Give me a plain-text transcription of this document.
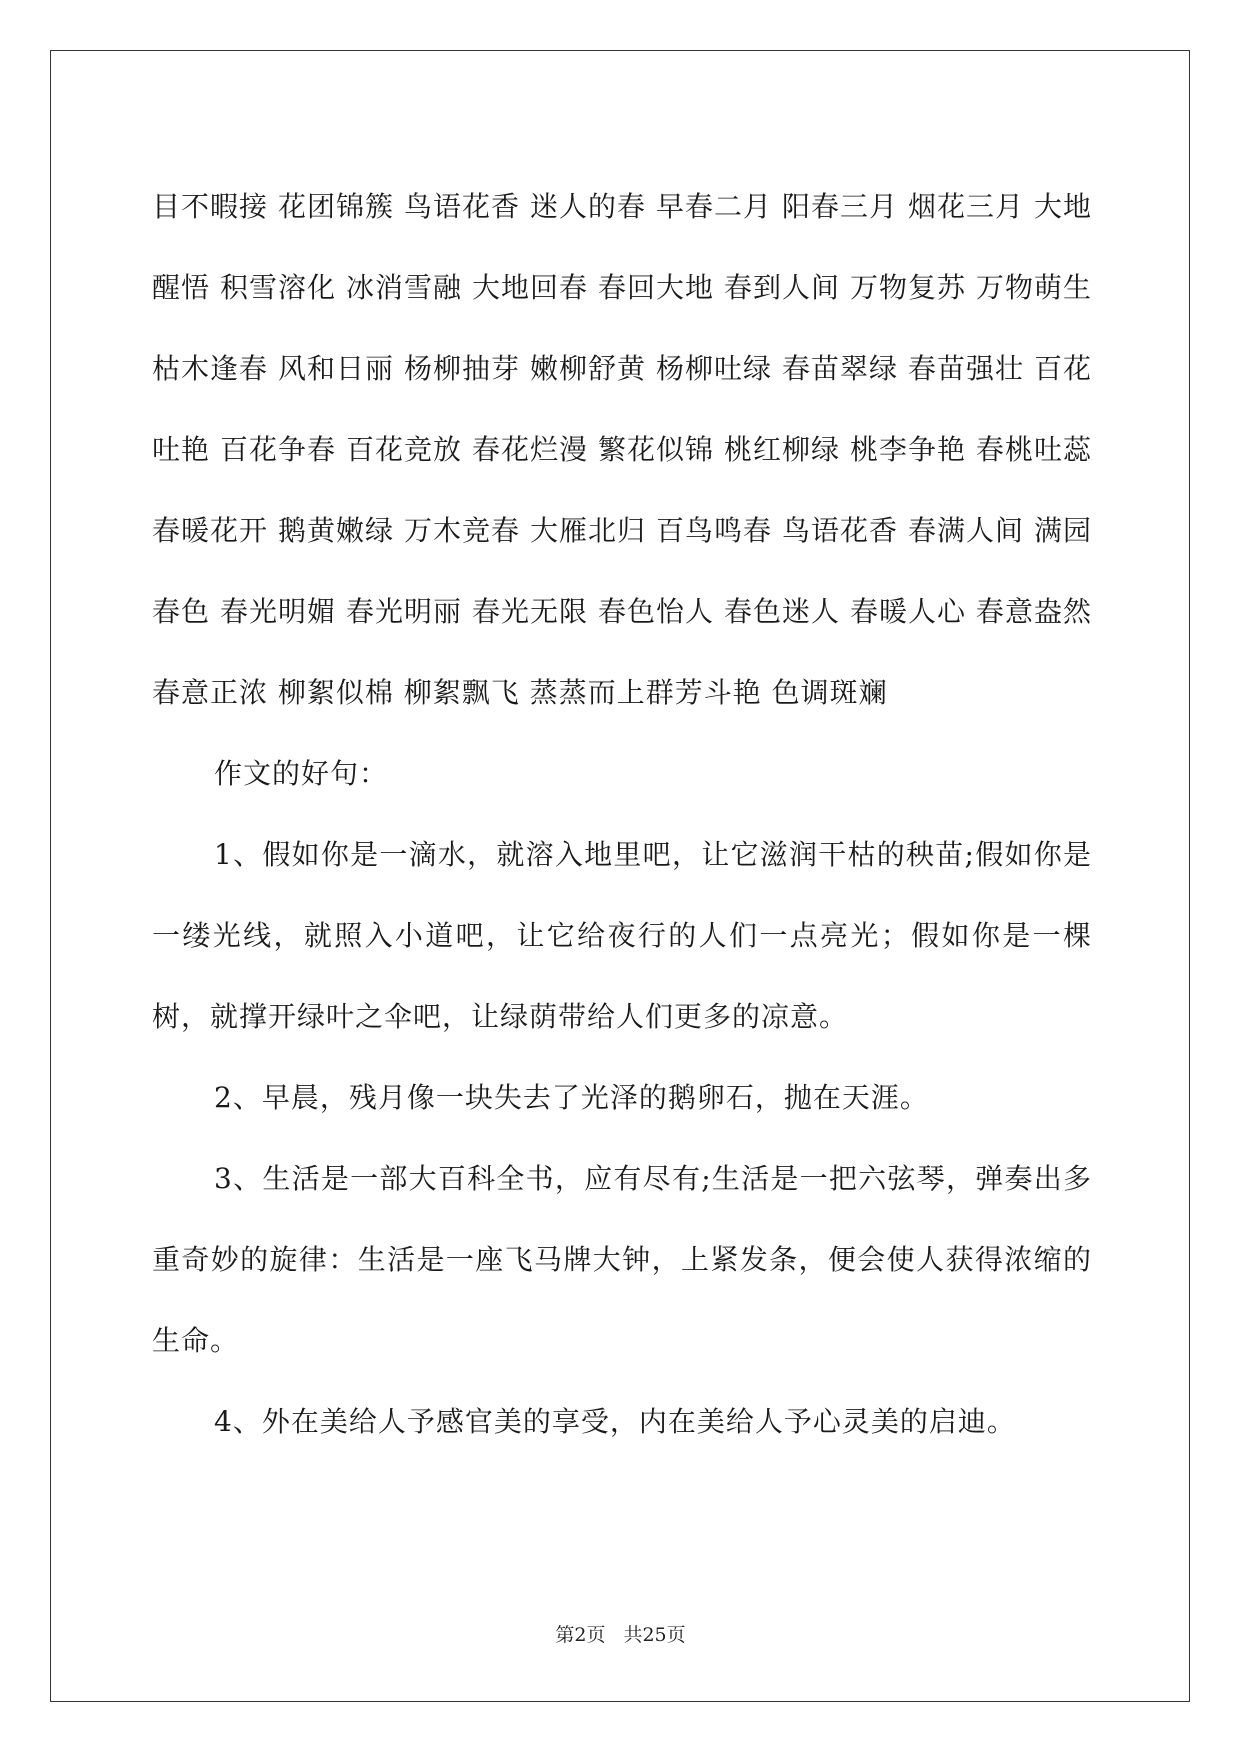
目不暇接 花团锦簇 鸟语花香 迷人的春 早春二月 阳春三月 烟花三月 大地醒悟 积雪溶化 冰消雪融 大地回春 春回大地 春到人间 万物复苏 万物萌生 枯木逢春 风和日丽 杨柳抽芽 嫩柳舒黄 杨柳吐绿 春苗翠绿 春苗强壮 百花吐艳 百花争春 百花竞放 春花烂漫 繁花似锦 桃红柳绿 桃李争艳 春桃吐蕊 春暖花开 鹅黄嫩绿 万木竞春 大雁北归 百鸟鸣春 鸟语花香 春满人间 满园春色 春光明媚 春光明丽 春光无限 春色怡人 春色迷人 春暖人心 春意盎然 春意正浓 柳絮似棉 柳絮飘飞 蒸蒸而上群芳斗艳 色调斑斓

作文的好句：

1、假如你是一滴水，就溶入地里吧，让它滋润干枯的秧苗;假如你是一缕光线，就照入小道吧，让它给夜行的人们一点亮光；假如你是一棵树，就撑开绿叶之伞吧，让绿荫带给人们更多的凉意。

2、早晨，残月像一块失去了光泽的鹅卵石，抛在天涯。

3、生活是一部大百科全书，应有尽有;生活是一把六弦琴，弹奏出多重奇妙的旋律：生活是一座飞马牌大钟，上紧发条，便会使人获得浓缩的生命。

4、外在美给人予感官美的享受，内在美给人予心灵美的启迪。

第2页 共25页
